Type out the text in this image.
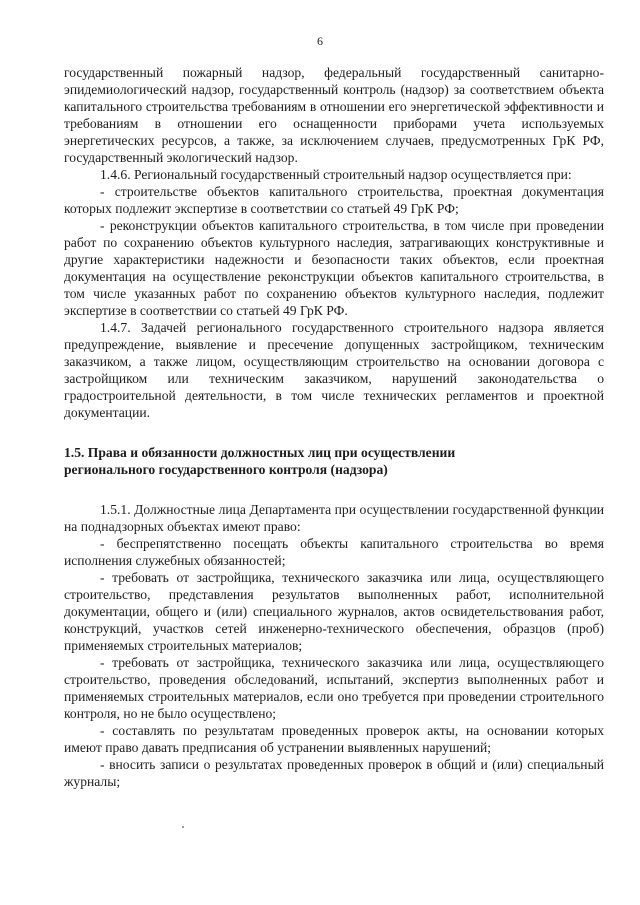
6

государственный пожарный надзор, федеральный государственный санитарно-эпидемиологический надзор, государственный контроль (надзор) за соответствием объекта капитального строительства требованиям в отношении его энергетической эффективности и требованиям в отношении его оснащенности приборами учета используемых энергетических ресурсов, а также, за исключением случаев, предусмотренных ГрК РФ, государственный экологический надзор.

1.4.6. Региональный государственный строительный надзор осуществляется при:

- строительстве объектов капитального строительства, проектная документация которых подлежит экспертизе в соответствии со статьей 49 ГрК РФ;

- реконструкции объектов капитального строительства, в том числе при проведении работ по сохранению объектов культурного наследия, затрагивающих конструктивные и другие характеристики надежности и безопасности таких объектов, если проектная документация на осуществление реконструкции объектов капитального строительства, в том числе указанных работ по сохранению объектов культурного наследия, подлежит экспертизе в соответствии со статьей 49 ГрК РФ.

1.4.7. Задачей регионального государственного строительного надзора является предупреждение, выявление и пресечение допущенных застройщиком, техническим заказчиком, а также лицом, осуществляющим строительство на основании договора с застройщиком или техническим заказчиком, нарушений законодательства о градостроительной деятельности, в том числе технических регламентов и проектной документации.

1.5. Права и обязанности должностных лиц при осуществлении

регионального государственного контроля (надзора)

1.5.1. Должностные лица Департамента при осуществлении государственной функции на поднадзорных объектах имеют право:

- беспрепятственно посещать объекты капитального строительства во время исполнения служебных обязанностей;

- требовать от застройщика, технического заказчика или лица, осуществляющего строительство, представления результатов выполненных работ, исполнительной документации, общего и (или) специального журналов, актов освидетельствования работ, конструкций, участков сетей инженерно-технического обеспечения, образцов (проб) применяемых строительных материалов;

- требовать от застройщика, технического заказчика или лица, осуществляющего строительство, проведения обследований, испытаний, экспертиз выполненных работ и применяемых строительных материалов, если оно требуется при проведении строительного контроля, но не было осуществлено;

- составлять по результатам проведенных проверок акты, на основании которых имеют право давать предписания об устранении выявленных нарушений;

- вносить записи о результатах проведенных проверок в общий и (или) специальный журналы;
